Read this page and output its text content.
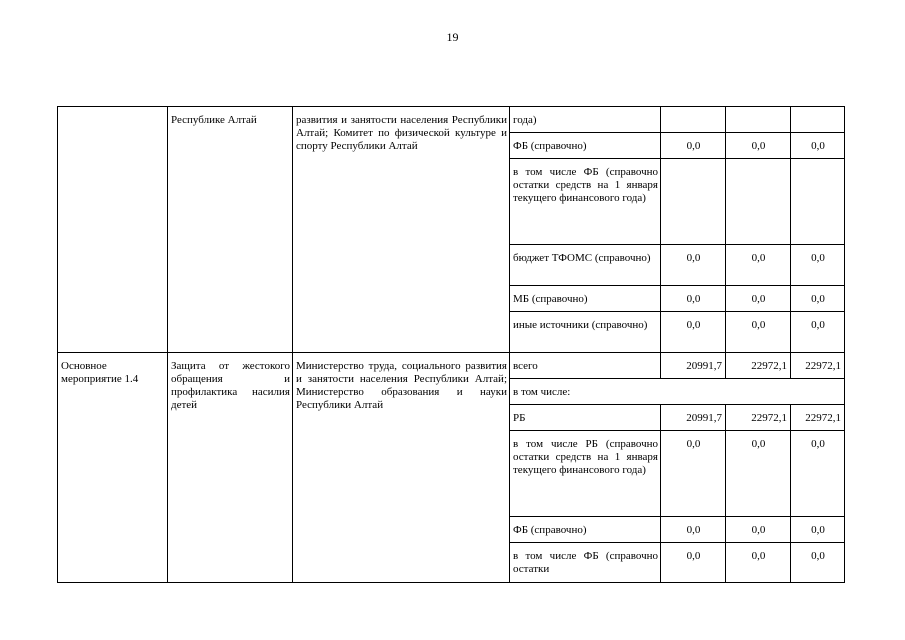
19
	Республике Алтай	развития и занятости населения Республики Алтай; Комитет по физической культуре и спорту Республики Алтай	года)			
			ФБ (справочно)	0,0	0,0	0,0
			в том числе ФБ (справочно остатки средств на 1 января текущего финансового года)			
			бюджет ТФОМС (справочно)	0,0	0,0	0,0
			МБ (справочно)	0,0	0,0	0,0
			иные источники (справочно)	0,0	0,0	0,0
Основное мероприятие 1.4	Защита от жестокого обращения и профилактика насилия детей	Министерство труда, социального развития и занятости населения Республики Алтай; Министерство образования и науки Республики Алтай	всего	20991,7	22972,1	22972,1
			в том числе:			
			РБ	20991,7	22972,1	22972,1
			в том числе РБ (справочно остатки средств на 1 января текущего финансового года)	0,0	0,0	0,0
			ФБ (справочно)	0,0	0,0	0,0
			в том числе ФБ (справочно остатки	0,0	0,0	0,0
